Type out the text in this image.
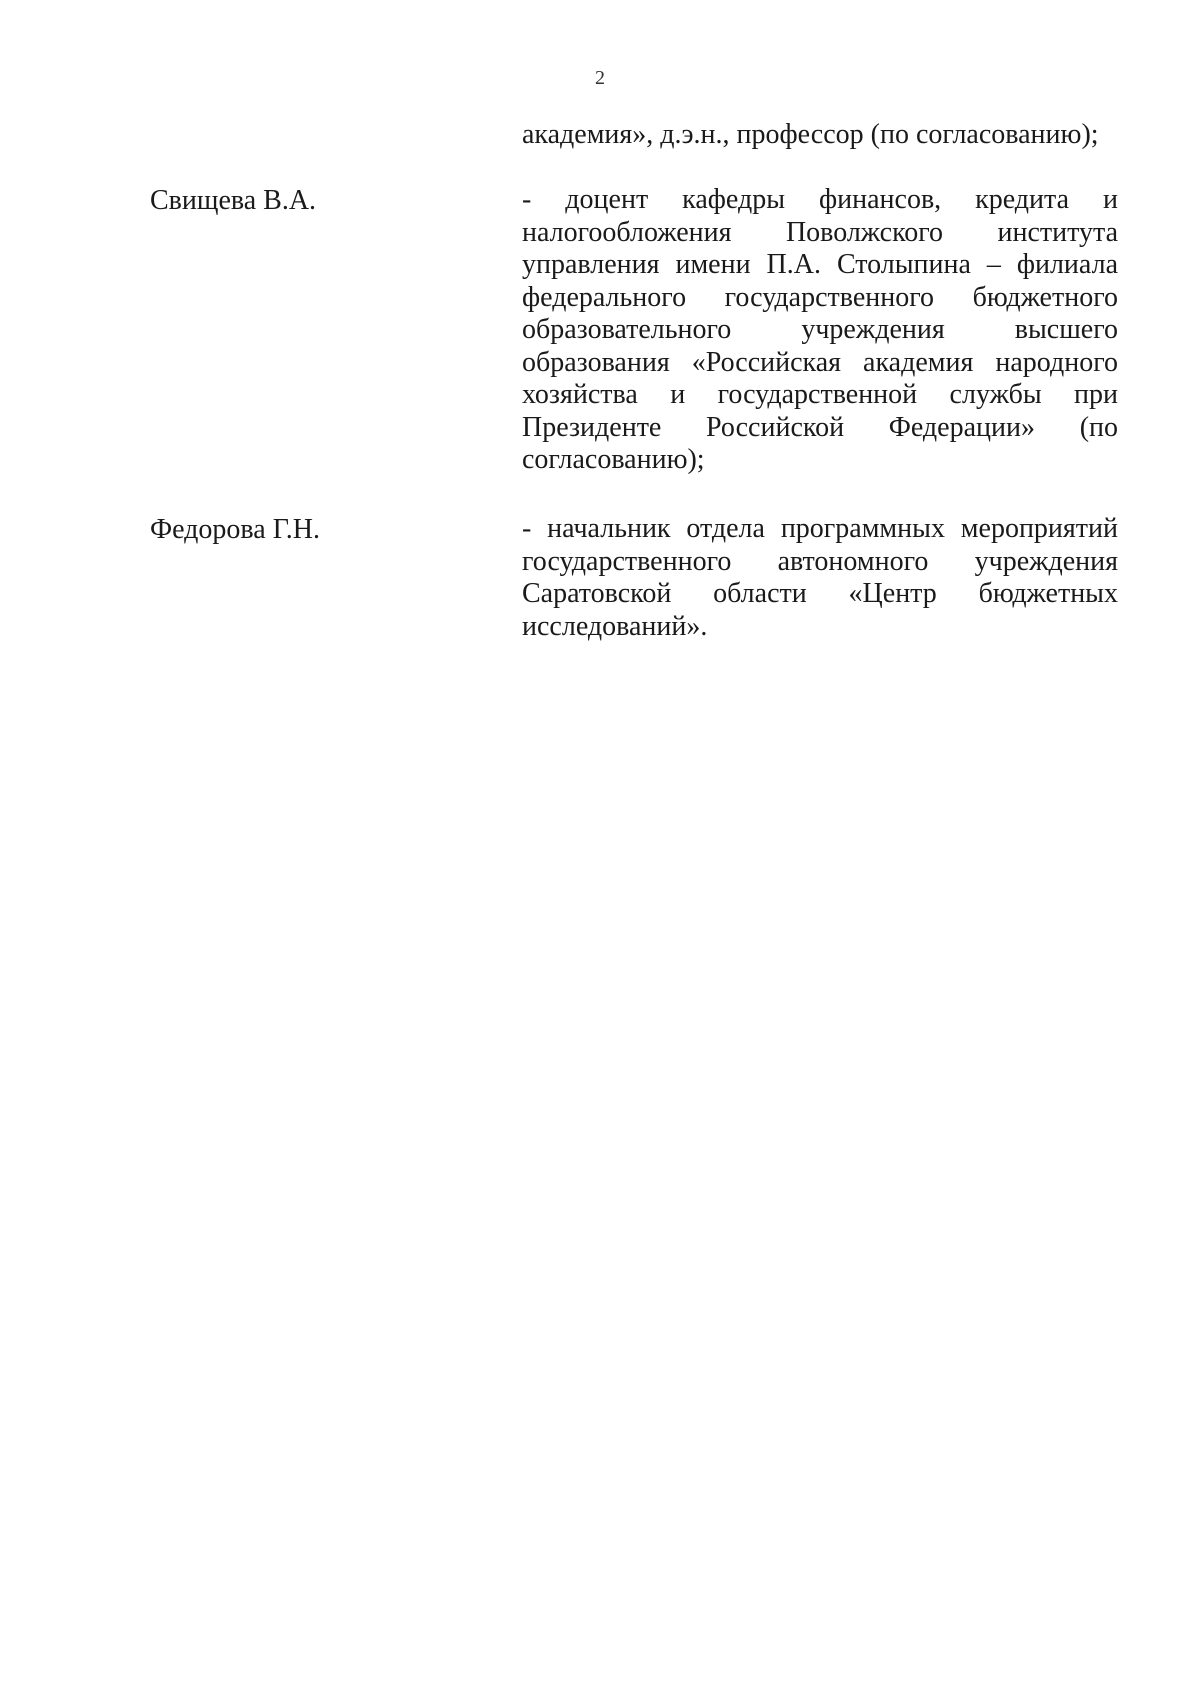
2
академия», д.э.н., профессор (по согласованию);
Свищева В.А.	- доцент кафедры финансов, кредита и налогообложения Поволжского института управления имени П.А. Столыпина – филиала федерального государственного бюджетного образовательного учреждения высшего образования «Российская академия народного хозяйства и государственной службы при Президенте Российской Федерации» (по согласованию);
Федорова Г.Н.	- начальник отдела программных мероприятий государственного автономного учреждения Саратовской области «Центр бюджетных исследований».
